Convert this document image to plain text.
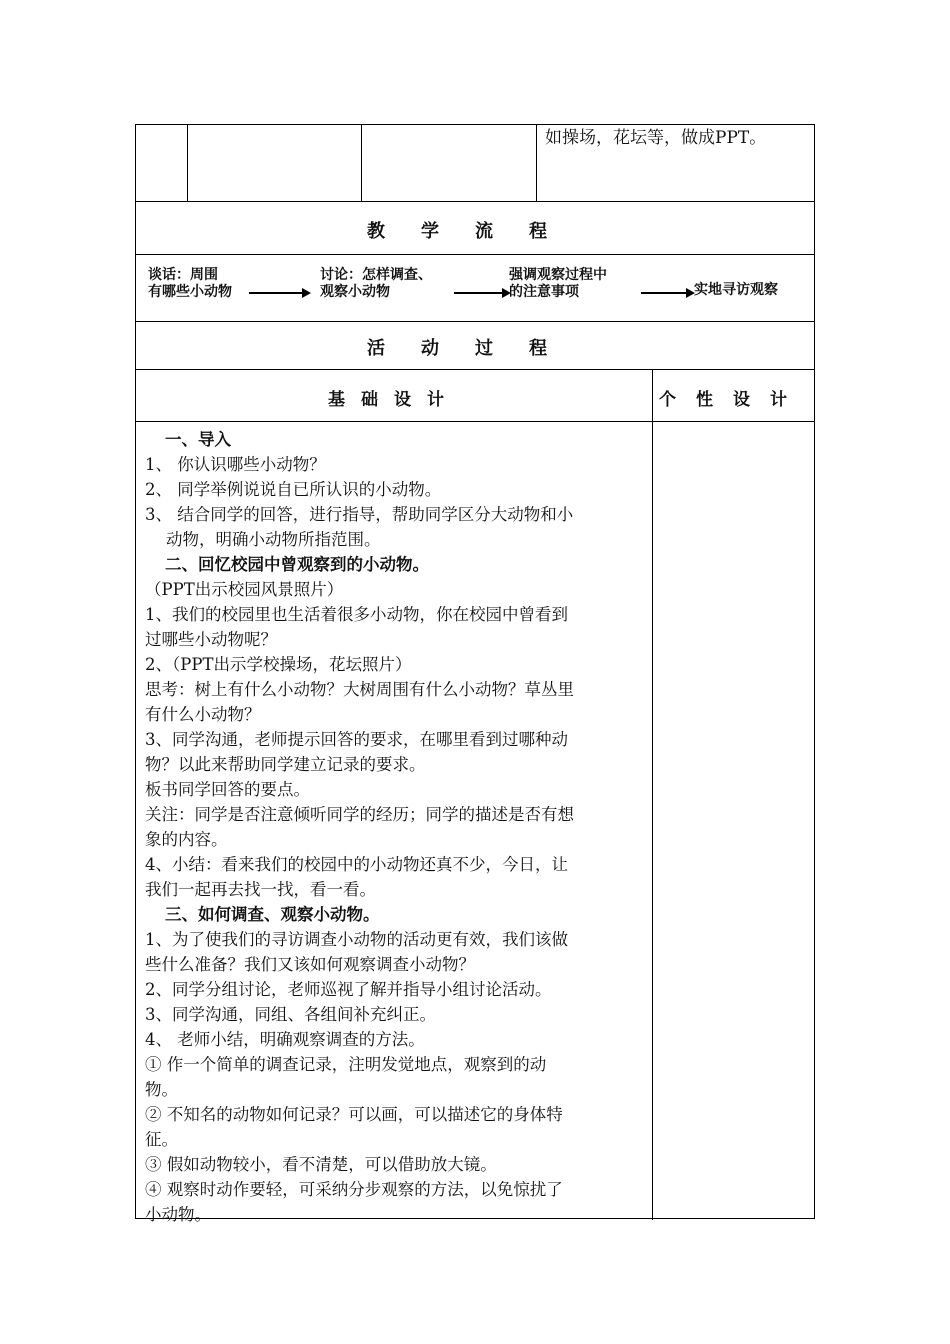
如操场，花坛等，做成PPT。
教学流程
谈话：周围
有哪些小动物
讨论：怎样调查、
观察小动物
强调观察过程中
的注意事项	实地寻访观察
活动过程
基础设计	个性设计
一、导入
1、 你认识哪些小动物？
2、 同学举例说说自已所认识的小动物。
3、 结合同学的回答，进行指导，帮助同学区分大动物和小
动物，明确小动物所指范围。
二、回忆校园中曾观察到的小动物。
（PPT出示校园风景照片）
1、我们的校园里也生活着很多小动物，你在校园中曾看到
过哪些小动物呢？
2、（PPT出示学校操场，花坛照片）
思考：树上有什么小动物？大树周围有什么小动物？草丛里
有什么小动物？
3、同学沟通，老师提示回答的要求，在哪里看到过哪种动
物？以此来帮助同学建立记录的要求。
板书同学回答的要点。
关注：同学是否注意倾听同学的经历；同学的描述是否有想
象的内容。
4、小结：看来我们的校园中的小动物还真不少，今日，让
我们一起再去找一找，看一看。
三、如何调查、观察小动物。
1、为了使我们的寻访调查小动物的活动更有效，我们该做
些什么准备？我们又该如何观察调查小动物？
2、同学分组讨论，老师巡视了解并指导小组讨论活动。
3、同学沟通，同组、各组间补充纠正。
4、 老师小结，明确观察调查的方法。
① 作一个简单的调查记录，注明发觉地点，观察到的动
物。
② 不知名的动物如何记录？可以画，可以描述它的身体特
征。
③ 假如动物较小，看不清楚，可以借助放大镜。
④ 观察时动作要轻，可采纳分步观察的方法，以免惊扰了
小动物。
